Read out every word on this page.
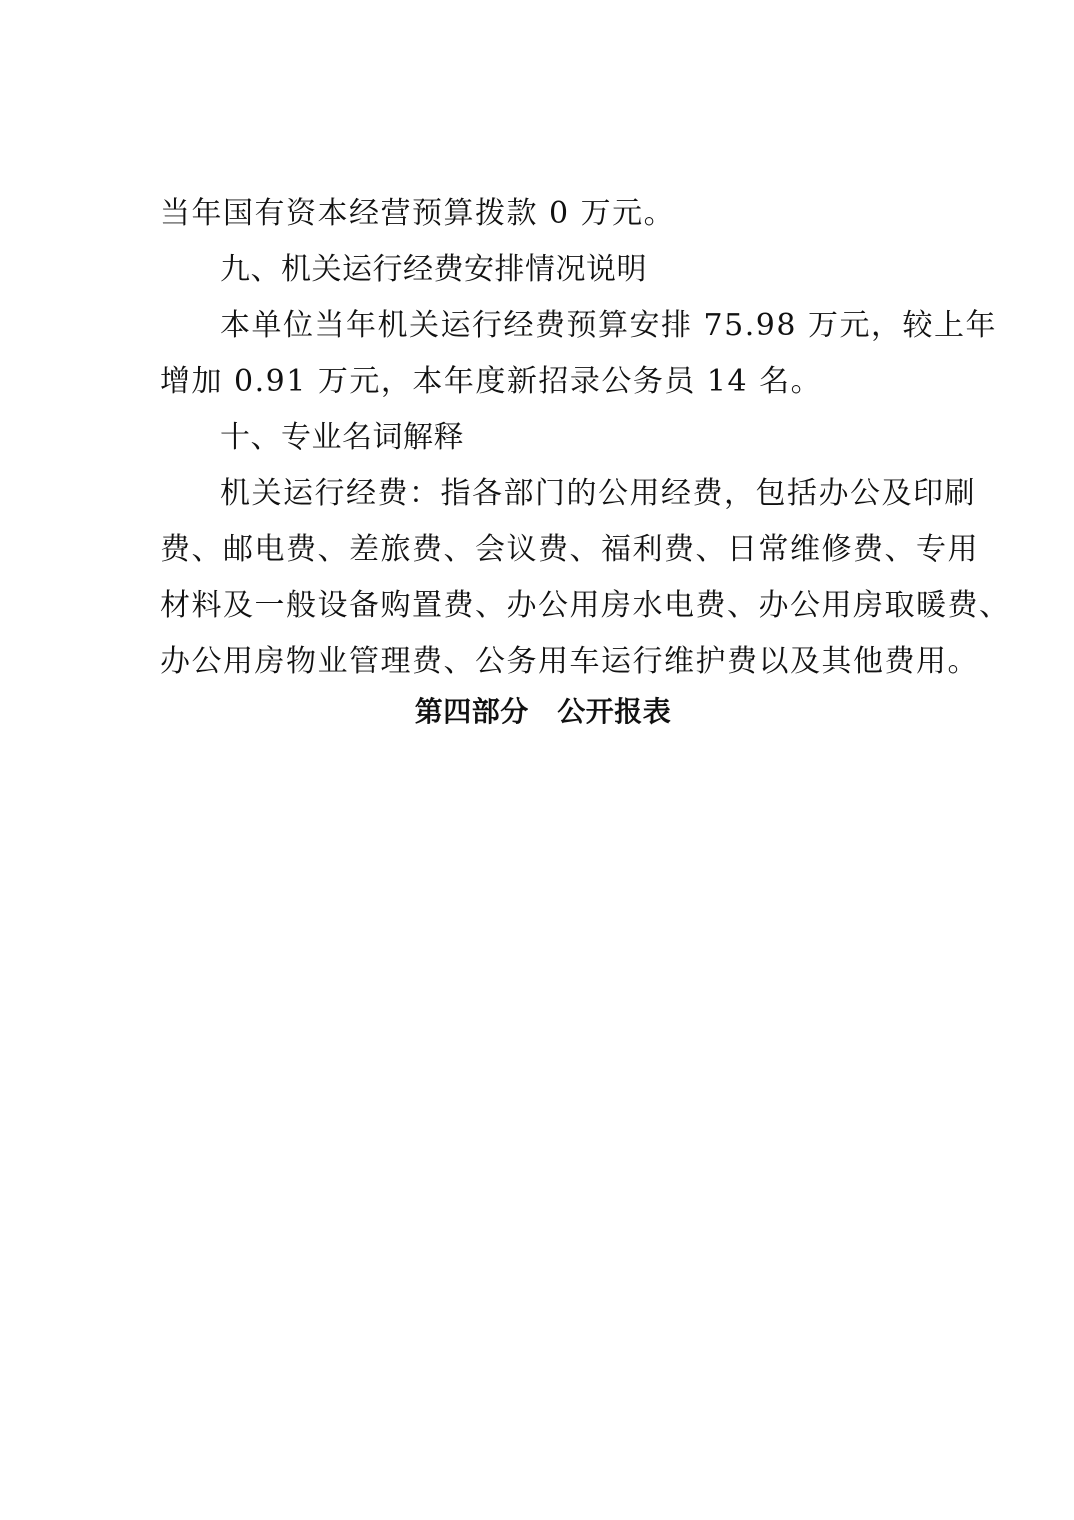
当年国有资本经营预算拨款 0 万元。
九、机关运行经费安排情况说明
本单位当年机关运行经费预算安排 75.98 万元，较上年
增加 0.91 万元，本年度新招录公务员 14 名。
十、专业名词解释
机关运行经费：指各部门的公用经费，包括办公及印刷
费、邮电费、差旅费、会议费、福利费、日常维修费、专用
材料及一般设备购置费、办公用房水电费、办公用房取暖费、
办公用房物业管理费、公务用车运行维护费以及其他费用。
第四部分　公开报表
